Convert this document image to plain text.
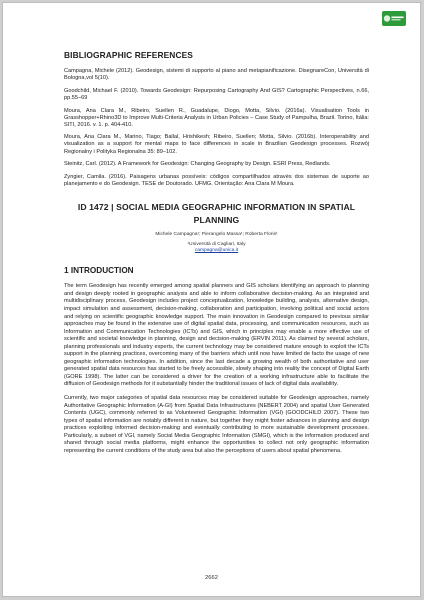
BIBLIOGRAPHIC REFERENCES

Campagna, Michele (2012). Geodesign, sistemi di supporto al piano and metapianificazione. DisegnareCon, Università di Bologna,vol 5(10).

Goodchild, Michael F. (2010). Towards Geodesign: Repurposing Cartography And GIS? Cartographic Perspectives, n.66, pp.55–69

Moura, Ana Clara M., Ribeiro, Suellen R., Guadalupe, Diogo, Motta, Silvio. (2016a). Visualisation Tools in Grasshopper+Rhino3D to Improve Multi-Criteria Analysis in Urban Policies – Case Study of Pampulha, Brazil. Torino, Itália: SITI, 2016. v. 1. p. 404-410.

Moura, Ana Clara M., Marino, Tiago; Ballal, Hrishikesh; Ribeiro, Suellen; Motta, Silvio. (2016b). Interoperability and visualization as a support for mental maps to face differences in scale in Brazilian Geodesign processes. Rozwój Regionalny i Polityka Regionalna 35: 89–102.

Steinitz, Carl. (2012). A Framework for Geodesign: Changing Geography by Design. ESRI Press, Redlands.

Zyngier, Camila. (2016). Paisagens urbanas possíveis: códigos compartilhados através dos sistemas de suporte ao planejamento e do Geodesign. TESE de Doutorado. UFMG. Orientação: Ana Clara M Moura.

ID 1472 | SOCIAL MEDIA GEOGRAPHIC INFORMATION IN SPATIAL PLANNING
Michele Campagna¹; Pierangelo Massa¹; Roberta Floris¹
¹Università di Cagliari, Italy
campagna@unica.it
1 INTRODUCTION

The term Geodesign has recently emerged among spatial planners and GIS scholars identifying an approach to planning and design deeply rooted in geographic analysis and able to inform collaborative decision-making. As an integrated and multidisciplinary process, Geodesign includes project conceptualization, knowledge building, analysis, alternative design, impact simulation and assessment, decision-making, collaboration and participation, involving political and social actors and relying on scientific geographic knowledge support. The main innovation in Geodesign compared to previous similar approaches may be found in the extensive use of digital spatial data, processing, and communication resources, such as Information and Communication Technologies (ICTs) and GIS, which in principles may enable a more effective use of scientific and societal knowledge in planning, design and decision-making (ERVIN 2011). As claimed by several scholars, planning professionals and industry experts, the current technology may be considered mature enough to exploit the ICTs support in the planning practices, overcoming many of the barriers which until now have limited de facto the usage of new geographic information technologies. In addition, since the last decade a growing wealth of both authoritative and user generated spatial data resources has started to be freely accessible, slowly shaping into reality the concept of Digital Earth (GORE 1998). The latter can be considered a driver for the creation of a working infrastructure able to facilitate the diffusion of Geodesign methods for it substantially hinder the traditional issues of lack of digital data availability.

Currently, two major categories of spatial data resources may be considered suitable for Geodesign approaches, namely Authoritative Geographic Information (A-GI) from Spatial Data Infrastructures (NEBERT 2004) and spatial User Generated Contents (UGC), commonly referred to as Volunteered Geographic Information (VGI) (GOODCHILD 2007). These two types of spatial information are notably different in nature, but together they might foster advances in planning and design practices exploiting informed decision-making and eventually contributing to more sustainable development processes. Particularly, a subset of VGI, namely Social Media Geographic Information (SMGI), which is the information produced and shared through social media platforms, might enhance the opportunities to collect not only geographic information representing the current conditions of the study area but also the perceptions of users about spatial phenomena.

2662
